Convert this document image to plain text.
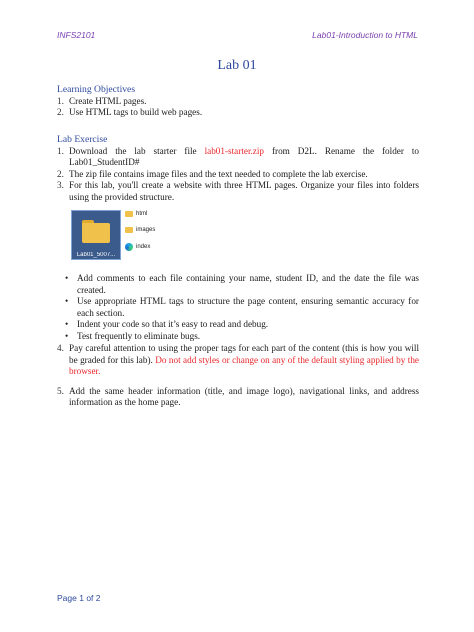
INFS2101	Lab01-Introduction to HTML
Lab 01
Learning Objectives
1. Create HTML pages.
2. Use HTML tags to build web pages.
Lab Exercise
1. Download the lab starter file lab01-starter.zip from D2L. Rename the folder to Lab01_StudentID#
2. The zip file contains image files and the text needed to complete the lab exercise.
3. For this lab, you'll create a website with three HTML pages. Organize your files into folders using the provided structure.
Lab01_5007...
html
images
index
• Add comments to each file containing your name, student ID, and the date the file was created.
• Use appropriate HTML tags to structure the page content, ensuring semantic accuracy for each section.
• Indent your code so that it’s easy to read and debug.
• Test frequently to eliminate bugs.
4. Pay careful attention to using the proper tags for each part of the content (this is how you will be graded for this lab). Do not add styles or change on any of the default styling applied by the browser.
5. Add the same header information (title, and image logo), navigational links, and address information as the home page.
Page 1 of 2
